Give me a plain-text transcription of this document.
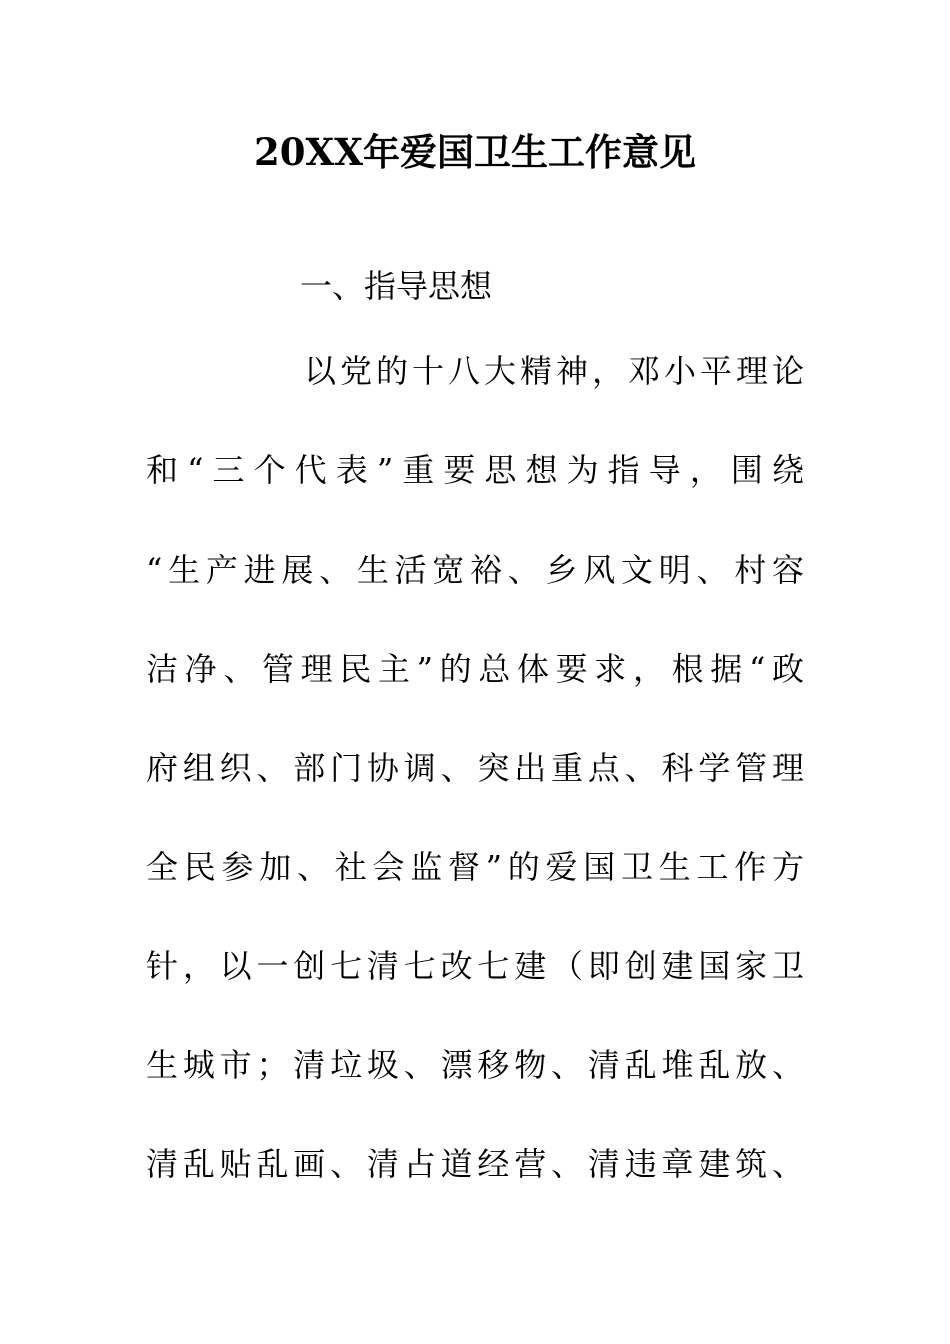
20XX年爱国卫生工作意见
一、指导思想
以党的十八大精神，邓小平理论
和“三个代表”重要思想为指导，围绕
“生产进展、生活宽裕、乡风文明、村容
洁净、管理民主”的总体要求，根据“政
府组织、部门协调、突出重点、科学管理
全民参加、社会监督”的爱国卫生工作方
针，以一创七清七改七建（即创建国家卫
生城市；清垃圾、漂移物、清乱堆乱放、
清乱贴乱画、清占道经营、清违章建筑、
